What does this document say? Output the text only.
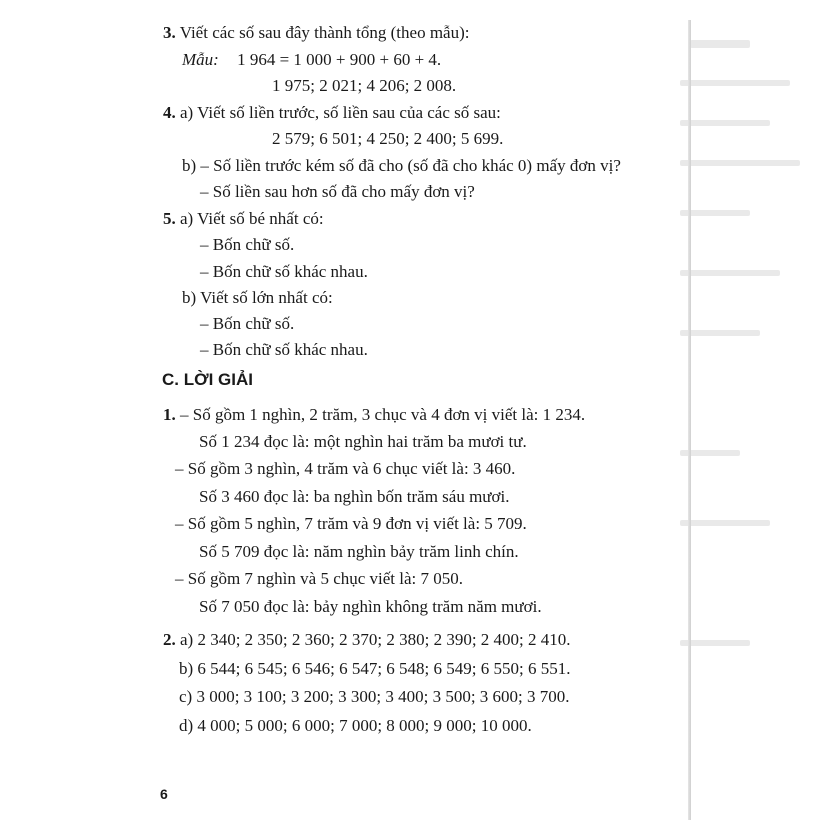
3. Viết các số sau đây thành tổng (theo mẫu):
Mẫu: 1 964 = 1 000 + 900 + 60 + 4.
1 975; 2 021; 4 206; 2 008.
4. a) Viết số liền trước, số liền sau của các số sau:
2 579; 6 501; 4 250; 2 400; 5 699.
b) – Số liền trước kém số đã cho (số đã cho khác 0) mấy đơn vị?
– Số liền sau hơn số đã cho mấy đơn vị?
5. a) Viết số bé nhất có:
– Bốn chữ số.
– Bốn chữ số khác nhau.
b) Viết số lớn nhất có:
– Bốn chữ số.
– Bốn chữ số khác nhau.
C. LỜI GIẢI
1. – Số gồm 1 nghìn, 2 trăm, 3 chục và 4 đơn vị viết là: 1 234.
Số 1 234 đọc là: một nghìn hai trăm ba mươi tư.
– Số gồm 3 nghìn, 4 trăm và 6 chục viết là: 3 460.
Số 3 460 đọc là: ba nghìn bốn trăm sáu mươi.
– Số gồm 5 nghìn, 7 trăm và 9 đơn vị viết là: 5 709.
Số 5 709 đọc là: năm nghìn bảy trăm linh chín.
– Số gồm 7 nghìn và 5 chục viết là: 7 050.
Số 7 050 đọc là: bảy nghìn không trăm năm mươi.
2. a) 2 340; 2 350; 2 360; 2 370; 2 380; 2 390; 2 400; 2 410.
b) 6 544; 6 545; 6 546; 6 547; 6 548; 6 549; 6 550; 6 551.
c) 3 000; 3 100; 3 200; 3 300; 3 400; 3 500; 3 600; 3 700.
d) 4 000; 5 000; 6 000; 7 000; 8 000; 9 000; 10 000.
6
